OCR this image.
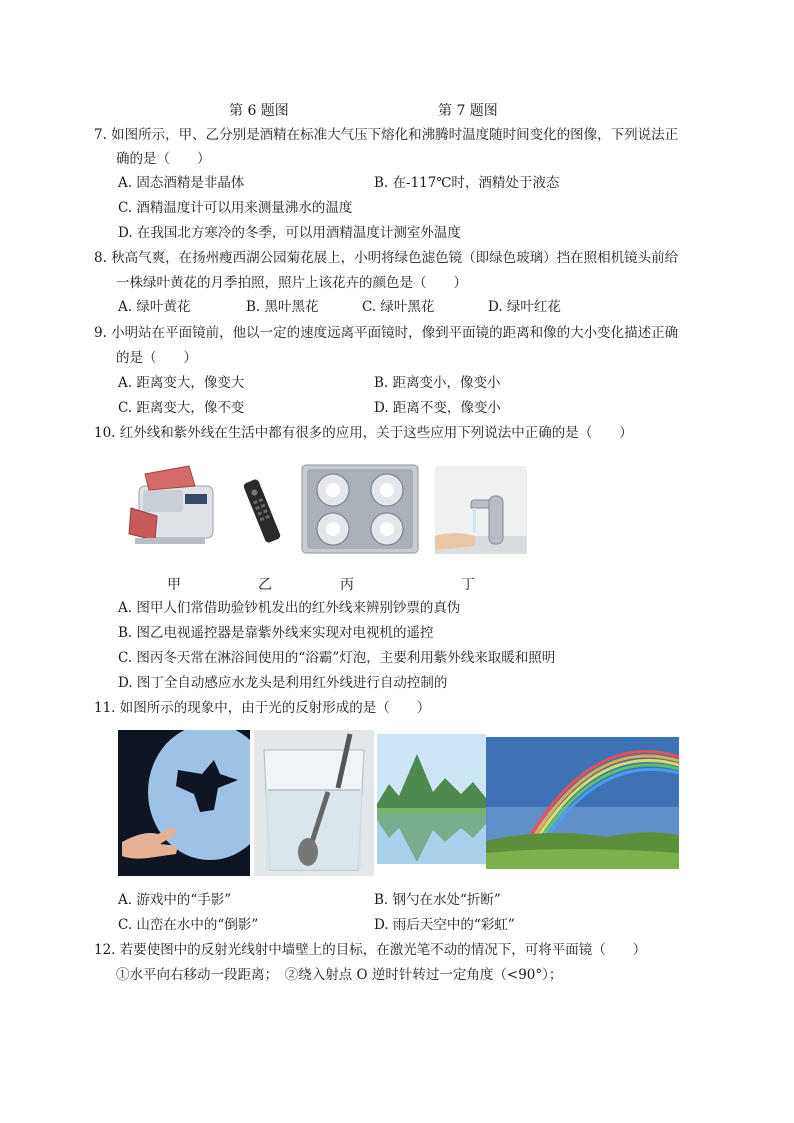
第 6 题图	第 7 题图
7. 如图所示，甲、乙分别是酒精在标准大气压下熔化和沸腾时温度随时间变化的图像，下列说法正
确的是（　　）
A. 固态酒精是非晶体	B. 在-117℃时，酒精处于液态
C. 酒精温度计可以用来测量沸水的温度
D. 在我国北方寒冷的冬季，可以用酒精温度计测室外温度
8. 秋高气爽，在扬州瘦西湖公园菊花展上，小明将绿色滤色镜（即绿色玻璃）挡在照相机镜头前给
一株绿叶黄花的月季拍照，照片上该花卉的颜色是（　　）
A. 绿叶黄花	B. 黑叶黑花	C. 绿叶黑花	D. 绿叶红花
9. 小明站在平面镜前，他以一定的速度远离平面镜时，像到平面镜的距离和像的大小变化描述正确
的是（　　）
A. 距离变大，像变大	B. 距离变小，像变小
C. 距离变大，像不变	D. 距离不变，像变小
10. 红外线和紫外线在生活中都有很多的应用，关于这些应用下列说法中正确的是（　　）
甲	乙	丙	丁
A. 图甲人们常借助验钞机发出的红外线来辨别钞票的真伪
B. 图乙电视遥控器是靠紫外线来实现对电视机的遥控
C. 图丙冬天常在淋浴间使用的“浴霸”灯泡，主要利用紫外线来取暖和照明
D. 图丁全自动感应水龙头是利用红外线进行自动控制的
11. 如图所示的现象中，由于光的反射形成的是（　　）
A. 游戏中的“手影”	B. 钢勺在水处“折断”
C. 山峦在水中的“倒影”	D. 雨后天空中的“彩虹”
12. 若要使图中的反射光线射中墙壁上的目标，在激光笔不动的情况下，可将平面镜（　　）
①水平向右移动一段距离；　②绕入射点 O 逆时针转过一定角度（<90°）；
